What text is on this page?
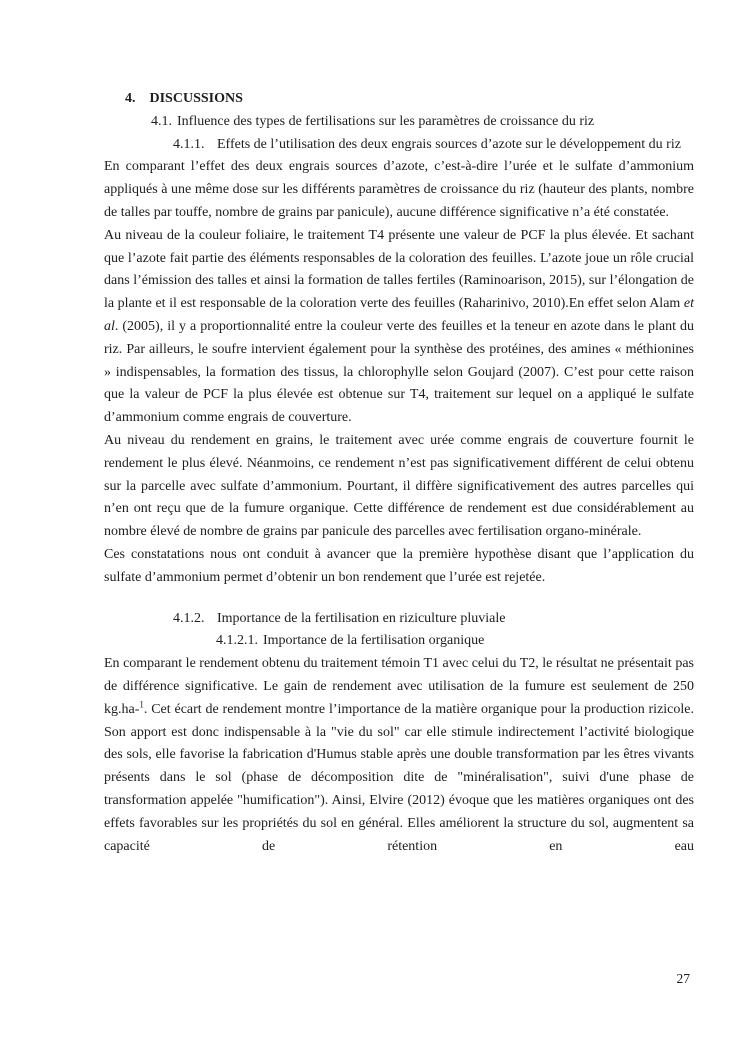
4. DISCUSSIONS
4.1. Influence des types de fertilisations sur les paramètres de croissance du riz
4.1.1. Effets de l’utilisation des deux engrais sources d’azote sur le développement du riz

En comparant l’effet des deux engrais sources d’azote, c’est-à-dire l’urée et le sulfate d’ammonium appliqués à une même dose sur les différents paramètres de croissance du riz (hauteur des plants, nombre de talles par touffe, nombre de grains par panicule), aucune différence significative n’a été constatée.

Au niveau de la couleur foliaire, le traitement T4 présente une valeur de PCF la plus élevée. Et sachant que l’azote fait partie des éléments responsables de la coloration des feuilles. L’azote joue un rôle crucial dans l’émission des talles et ainsi la formation de talles fertiles (Raminoarison, 2015), sur l’élongation de la plante et il est responsable de la coloration verte des feuilles (Raharinivo, 2010).En effet selon Alam et al. (2005), il y a proportionnalité entre la couleur verte des feuilles et la teneur en azote dans le plant du riz. Par ailleurs, le soufre intervient également pour la synthèse des protéines, des amines « méthionines » indispensables, la formation des tissus, la chlorophylle selon Goujard (2007). C’est pour cette raison que la valeur de PCF la plus élevée est obtenue sur T4, traitement sur lequel on a appliqué le sulfate d’ammonium comme engrais de couverture.

Au niveau du rendement en grains, le traitement avec urée comme engrais de couverture fournit le rendement le plus élevé. Néanmoins, ce rendement n’est pas significativement différent de celui obtenu sur la parcelle avec sulfate d’ammonium. Pourtant, il diffère significativement des autres parcelles qui n’en ont reçu que de la fumure organique. Cette différence de rendement est due considérablement au nombre élevé de nombre de grains par panicule des parcelles avec fertilisation organo-minérale.

Ces constatations nous ont conduit à avancer que la première hypothèse disant que l’application du sulfate d’ammonium permet d’obtenir un bon rendement que l’urée est rejetée.

4.1.2. Importance de la fertilisation en riziculture pluviale
4.1.2.1. Importance de la fertilisation organique

En comparant le rendement obtenu du traitement témoin T1 avec celui du T2, le résultat ne présentait pas de différence significative. Le gain de rendement avec utilisation de la fumure est seulement de 250 kg.ha-$^1$. Cet écart de rendement montre l’importance de la matière organique pour la production rizicole. Son apport est donc indispensable à la "vie du sol" car elle stimule indirectement l’activité biologique des sols, elle favorise la fabrication d'Humus stable après une double transformation par les êtres vivants présents dans le sol (phase de décomposition dite de "minéralisation", suivi d'une phase de transformation appelée "humification"). Ainsi, Elvire (2012) évoque que les matières organiques ont des effets favorables sur les propriétés du sol en général. Elles améliorent la structure du sol, augmentent sa capacité de rétention en eau

27
